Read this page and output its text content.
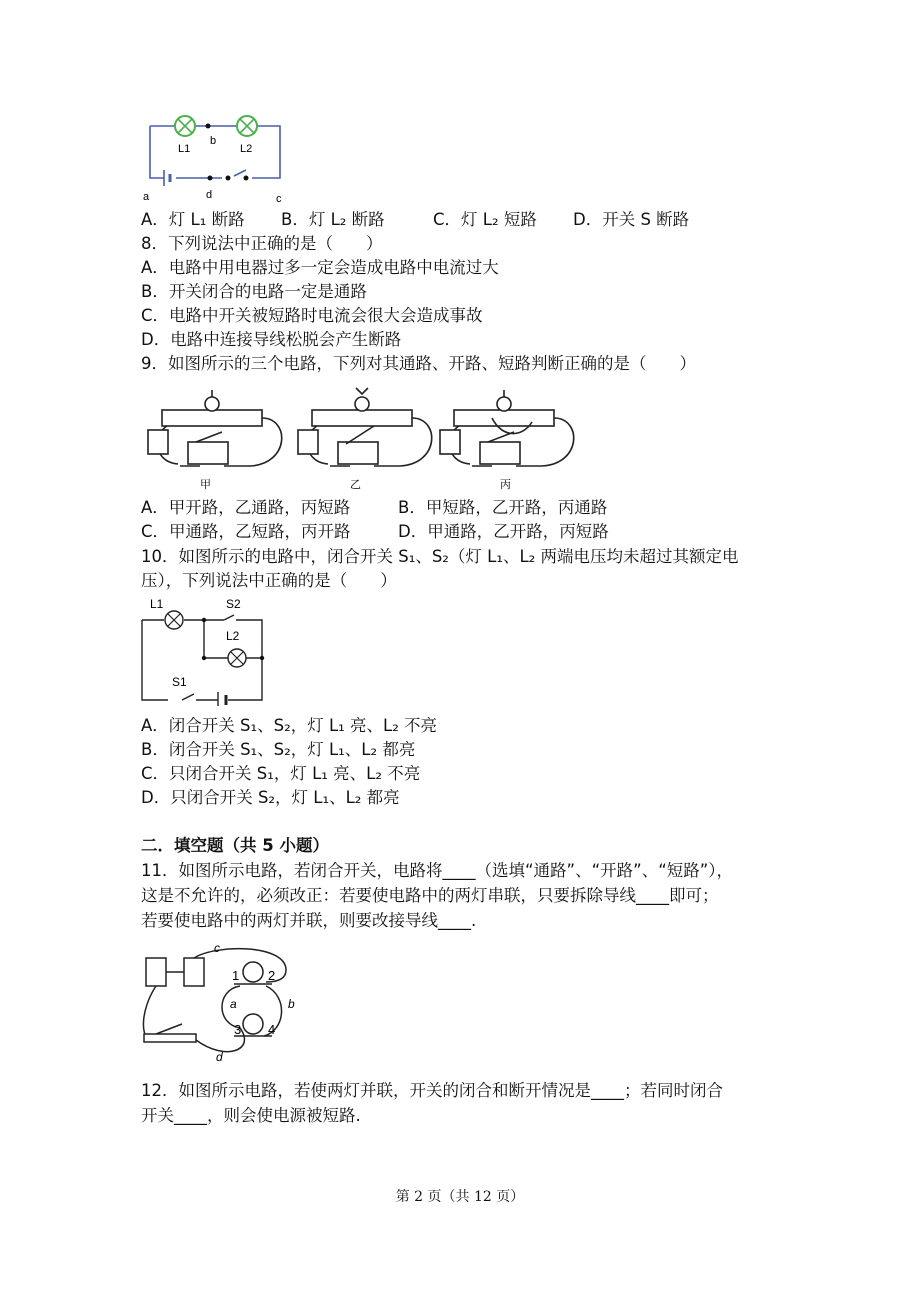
L1
b
L2
a	d	c
A．灯 L₁ 断路 B．灯 L₂ 断路	C．灯 L₂ 短路 D．开关 S 断路
8．下列说法中正确的是（　　）
A．电路中用电器过多一定会造成电路中电流过大
B．开关闭合的电路一定是通路
C．电路中开关被短路时电流会很大会造成事故
D．电路中连接导线松脱会产生断路
9．如图所示的三个电路，下列对其通路、开路、短路判断正确的是（　　）
甲	乙	丙
A．甲开路，乙通路，丙短路	B．甲短路，乙开路，丙通路
C．甲通路，乙短路，丙开路	D．甲通路，乙开路，丙短路
10．如图所示的电路中，闭合开关 S₁、S₂（灯 L₁、L₂ 两端电压均未超过其额定电
压），下列说法中正确的是（　　）
L1	S2
L2
S1
A．闭合开关 S₁、S₂，灯 L₁ 亮、L₂ 不亮
B．闭合开关 S₁、S₂，灯 L₁、L₂ 都亮
C．只闭合开关 S₁，灯 L₁ 亮、L₂ 不亮
D．只闭合开关 S₂，灯 L₁、L₂ 都亮
二．填空题（共 5 小题）
11．如图所示电路，若闭合开关，电路将____（选填“通路”、“开路”、“短路”），
这是不允许的，必须改正：若要使电路中的两灯串联，只要拆除导线____即可；
若要使电路中的两灯并联，则要改接导线____.
c
1 2
a	b
3 4
d
12．如图所示电路，若使两灯并联，开关的闭合和断开情况是____；若同时闭合
开关____，则会使电源被短路.
第 2 页（共 12 页）
